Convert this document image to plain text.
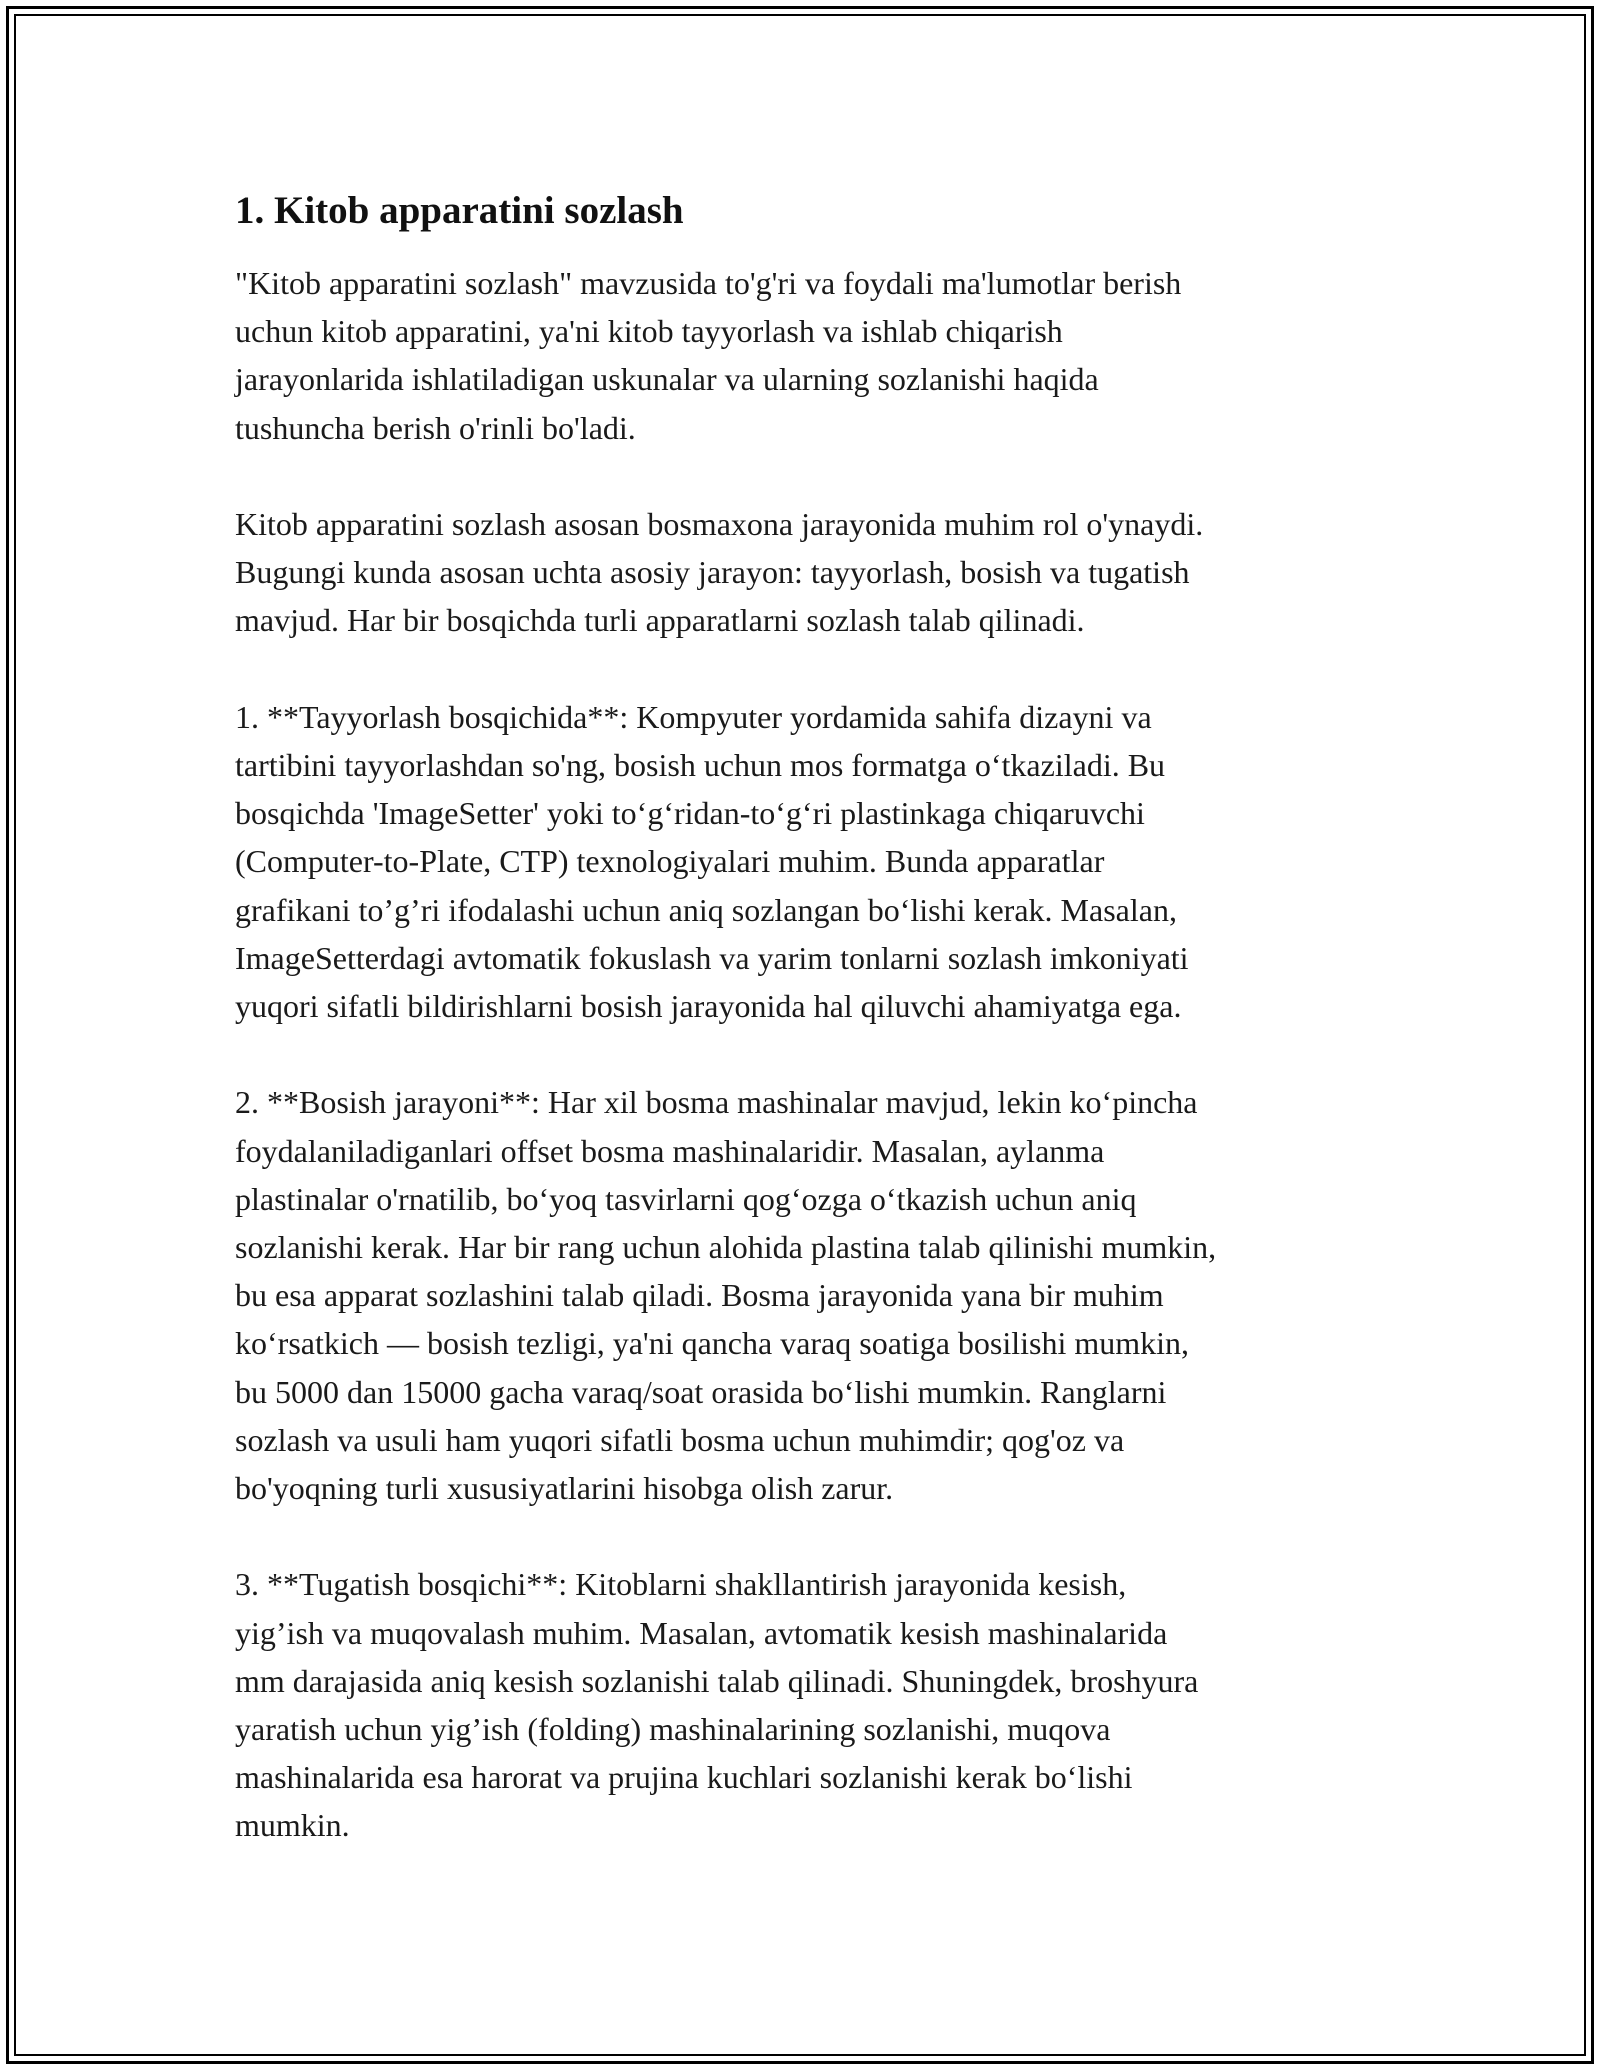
1. Kitob apparatini sozlash

"Kitob apparatini sozlash" mavzusida to'g'ri va foydali ma'lumotlar berish
uchun kitob apparatini, ya'ni kitob tayyorlash va ishlab chiqarish
jarayonlarida ishlatiladigan uskunalar va ularning sozlanishi haqida
tushuncha berish o'rinli bo'ladi.

Kitob apparatini sozlash asosan bosmaxona jarayonida muhim rol o'ynaydi.
Bugungi kunda asosan uchta asosiy jarayon: tayyorlash, bosish va tugatish
mavjud. Har bir bosqichda turli apparatlarni sozlash talab qilinadi.

1. **Tayyorlash bosqichida**: Kompyuter yordamida sahifa dizayni va
tartibini tayyorlashdan so'ng, bosish uchun mos formatga o‘tkaziladi. Bu
bosqichda 'ImageSetter' yoki to‘g‘ridan-to‘g‘ri plastinkaga chiqaruvchi
(Computer-to-Plate, CTP) texnologiyalari muhim. Bunda apparatlar
grafikani to’g’ri ifodalashi uchun aniq sozlangan bo‘lishi kerak. Masalan,
ImageSetterdagi avtomatik fokuslash va yarim tonlarni sozlash imkoniyati
yuqori sifatli bildirishlarni bosish jarayonida hal qiluvchi ahamiyatga ega.

2. **Bosish jarayoni**: Har xil bosma mashinalar mavjud, lekin ko‘pincha
foydalaniladiganlari offset bosma mashinalaridir. Masalan, aylanma
plastinalar o'rnatilib, bo‘yoq tasvirlarni qog‘ozga o‘tkazish uchun aniq
sozlanishi kerak. Har bir rang uchun alohida plastina talab qilinishi mumkin,
bu esa apparat sozlashini talab qiladi. Bosma jarayonida yana bir muhim
ko‘rsatkich — bosish tezligi, ya'ni qancha varaq soatiga bosilishi mumkin,
bu 5000 dan 15000 gacha varaq/soat orasida bo‘lishi mumkin. Ranglarni
sozlash va usuli ham yuqori sifatli bosma uchun muhimdir; qog'oz va
bo'yoqning turli xususiyatlarini hisobga olish zarur.

3. **Tugatish bosqichi**: Kitoblarni shakllantirish jarayonida kesish,
yig’ish va muqovalash muhim. Masalan, avtomatik kesish mashinalarida
mm darajasida aniq kesish sozlanishi talab qilinadi. Shuningdek, broshyura
yaratish uchun yig’ish (folding) mashinalarining sozlanishi, muqova
mashinalarida esa harorat va prujina kuchlari sozlanishi kerak bo‘lishi
mumkin.
